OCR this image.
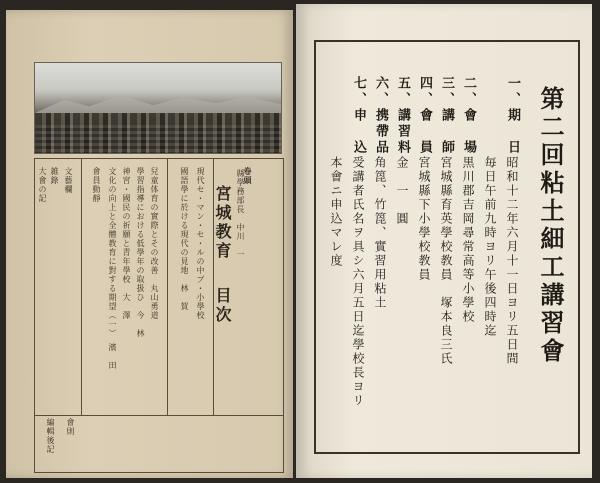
宮城教育
目次
卷頭
縣學務部長　中川　一
現代セ・マン・セ・ルの中ブ・小學校
國語學に於ける現代の見地　林　賀
兒童体育の實際とその改善　丸山勇道
學習指導における低學年の取扱ひ　今　林
神宮・國民の祈願と青年學校　大　澤
文化の向上と全體教育に對する期望（一）　濱　田
會員動靜
文藝欄
雑錄
大會の記
會則
編輯後記
第二回粘土細工講習會
一、期　日
昭和十二年六月十一日ヨリ五日間
毎日午前九時ヨリ午後四時迄
二、會　場
黒川郡吉岡尋常高等小學校
三、講　師
宮城縣育英學校教員　塚本良三氏
四、會　員
宮城縣下小學校教員
五、講習料
金　一　圓
六、携帶品
角箆、竹箆、實習用粘土
七、申　込
受講者氏名ヲ具シ六月五日迄學校長ヨリ
本會ニ申込マレ度
